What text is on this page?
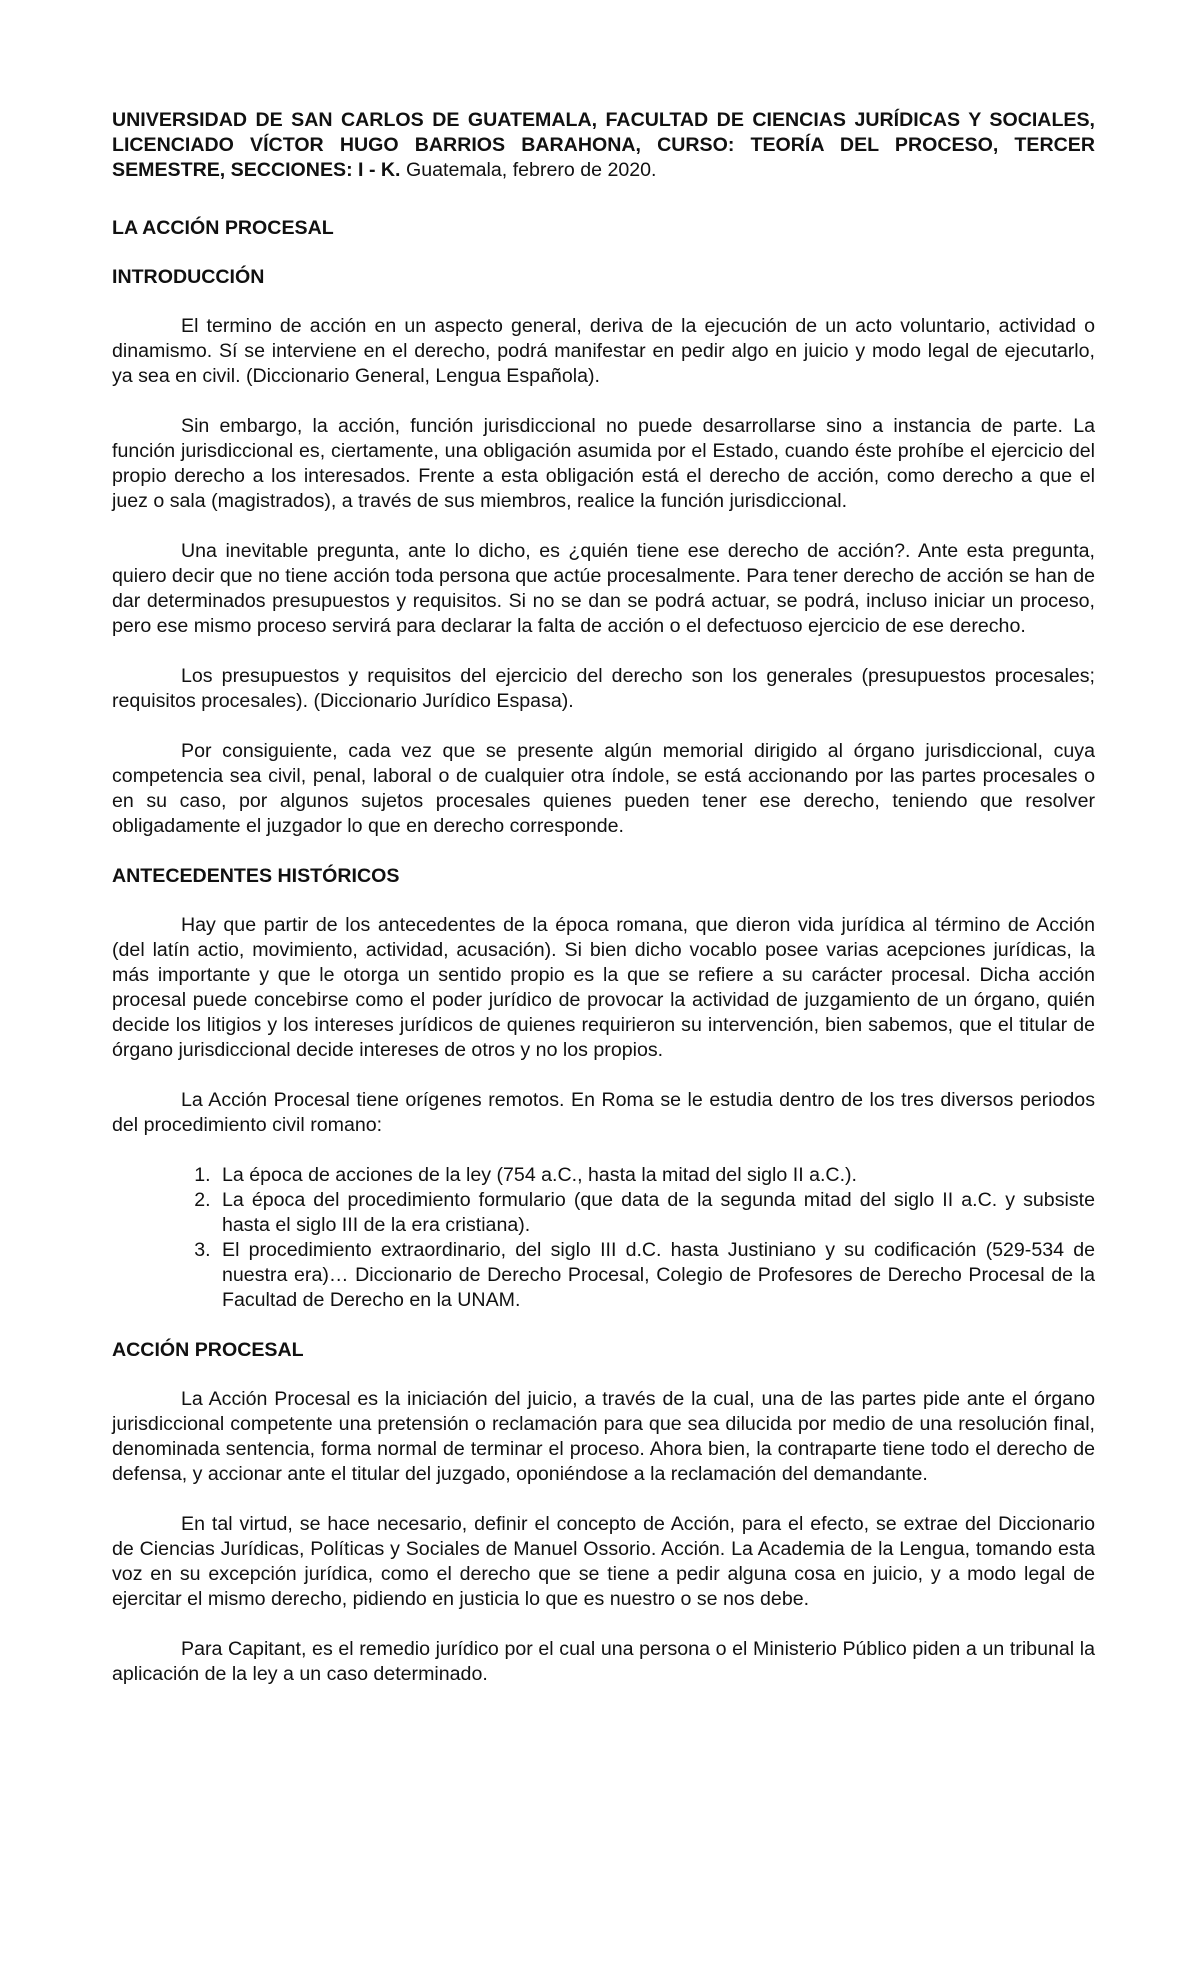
UNIVERSIDAD DE SAN CARLOS DE GUATEMALA, FACULTAD DE CIENCIAS JURÍDICAS Y SOCIALES, LICENCIADO VÍCTOR HUGO BARRIOS BARAHONA, CURSO: TEORÍA DEL PROCESO, TERCER SEMESTRE, SECCIONES: I - K. Guatemala, febrero de 2020.

LA ACCIÓN PROCESAL
INTRODUCCIÓN

El termino de acción en un aspecto general, deriva de la ejecución de un acto voluntario, actividad o dinamismo. Sí se interviene en el derecho, podrá manifestar en pedir algo en juicio y modo legal de ejecutarlo, ya sea en civil. (Diccionario General, Lengua Española).

Sin embargo, la acción, función jurisdiccional no puede desarrollarse sino a instancia de parte. La función jurisdiccional es, ciertamente, una obligación asumida por el Estado, cuando éste prohíbe el ejercicio del propio derecho a los interesados. Frente a esta obligación está el derecho de acción, como derecho a que el juez o sala (magistrados), a través de sus miembros, realice la función jurisdiccional.

Una inevitable pregunta, ante lo dicho, es ¿quién tiene ese derecho de acción?. Ante esta pregunta, quiero decir que no tiene acción toda persona que actúe procesalmente. Para tener derecho de acción se han de dar determinados presupuestos y requisitos. Si no se dan se podrá actuar, se podrá, incluso iniciar un proceso, pero ese mismo proceso servirá para declarar la falta de acción o el defectuoso ejercicio de ese derecho.

Los presupuestos y requisitos del ejercicio del derecho son los generales (presupuestos procesales; requisitos procesales). (Diccionario Jurídico Espasa).

Por consiguiente, cada vez que se presente algún memorial dirigido al órgano jurisdiccional, cuya competencia sea civil, penal, laboral o de cualquier otra índole, se está accionando por las partes procesales o en su caso, por algunos sujetos procesales quienes pueden tener ese derecho, teniendo que resolver obligadamente el juzgador lo que en derecho corresponde.

ANTECEDENTES HISTÓRICOS

Hay que partir de los antecedentes de la época romana, que dieron vida jurídica al término de Acción (del latín actio, movimiento, actividad, acusación). Si bien dicho vocablo posee varias acepciones jurídicas, la más importante y que le otorga un sentido propio es la que se refiere a su carácter procesal. Dicha acción procesal puede concebirse como el poder jurídico de provocar la actividad de juzgamiento de un órgano, quién decide los litigios y los intereses jurídicos de quienes requirieron su intervención, bien sabemos, que el titular de órgano jurisdiccional decide intereses de otros y no los propios.

La Acción Procesal tiene orígenes remotos. En Roma se le estudia dentro de los tres diversos periodos del procedimiento civil romano:

1. La época de acciones de la ley (754 a.C., hasta la mitad del siglo II a.C.).
2. La época del procedimiento formulario (que data de la segunda mitad del siglo II a.C. y subsiste hasta el siglo III de la era cristiana).
3. El procedimiento extraordinario, del siglo III d.C. hasta Justiniano y su codificación (529-534 de nuestra era)… Diccionario de Derecho Procesal, Colegio de Profesores de Derecho Procesal de la Facultad de Derecho en la UNAM.
ACCIÓN PROCESAL

La Acción Procesal es la iniciación del juicio, a través de la cual, una de las partes pide ante el órgano jurisdiccional competente una pretensión o reclamación para que sea dilucida por medio de una resolución final, denominada sentencia, forma normal de terminar el proceso. Ahora bien, la contraparte tiene todo el derecho de defensa, y accionar ante el titular del juzgado, oponiéndose a la reclamación del demandante.

En tal virtud, se hace necesario, definir el concepto de Acción, para el efecto, se extrae del Diccionario de Ciencias Jurídicas, Políticas y Sociales de Manuel Ossorio. Acción. La Academia de la Lengua, tomando esta voz en su excepción jurídica, como el derecho que se tiene a pedir alguna cosa en juicio, y a modo legal de ejercitar el mismo derecho, pidiendo en justicia lo que es nuestro o se nos debe.

Para Capitant, es el remedio jurídico por el cual una persona o el Ministerio Público piden a un tribunal la aplicación de la ley a un caso determinado.
